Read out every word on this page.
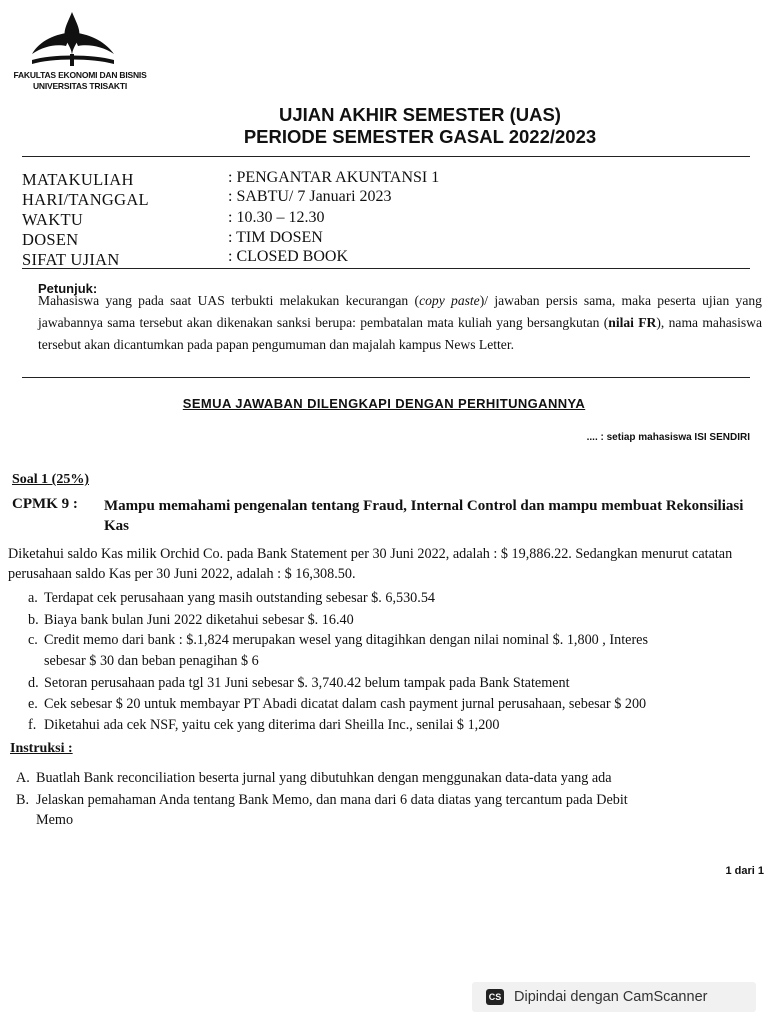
FAKULTAS EKONOMI DAN BISNIS
UNIVERSITAS TRISAKTI
UJIAN AKHIR SEMESTER (UAS)
PERIODE SEMESTER GASAL 2022/2023
MATAKULIAH	: PENGANTAR AKUNTANSI 1
HARI/TANGGAL	: SABTU/ 7 Januari 2023
WAKTU	: 10.30 – 12.30
DOSEN	: TIM DOSEN
SIFAT UJIAN	: CLOSED BOOK
Petunjuk:
Mahasiswa yang pada saat UAS terbukti melakukan kecurangan (copy paste)/ jawaban persis sama, maka peserta ujian yang jawabannya sama tersebut akan dikenakan sanksi berupa: pembatalan mata kuliah yang bersangkutan (nilai FR), nama mahasiswa tersebut akan dicantumkan pada papan pengumuman dan majalah kampus News Letter.
SEMUA JAWABAN DILENGKAPI DENGAN PERHITUNGANNYA
.... : setiap mahasiswa ISI SENDIRI
Soal 1 (25%)
CPMK 9 : Mampu memahami pengenalan tentang Fraud, Internal Control dan mampu membuat Rekonsiliasi Kas
Diketahui saldo Kas milik Orchid Co. pada Bank Statement per 30 Juni 2022, adalah : $ 19,886.22. Sedangkan menurut catatan perusahaan saldo Kas per 30 Juni 2022, adalah : $ 16,308.50.
a. Terdapat cek perusahaan yang masih outstanding sebesar $. 6,530.54
b. Biaya bank bulan Juni 2022 diketahui sebesar $. 16.40
c. Credit memo dari bank : $.1,824 merupakan wesel yang ditagihkan dengan nilai nominal $. 1,800 , Interes
sebesar $ 30 dan beban penagihan $ 6
d. Setoran perusahaan pada tgl 31 Juni sebesar $. 3,740.42 belum tampak pada Bank Statement
e. Cek sebesar $ 20 untuk membayar PT Abadi dicatat dalam cash payment jurnal perusahaan, sebesar $ 200
f. Diketahui ada cek NSF, yaitu cek yang diterima dari Sheilla Inc., senilai $ 1,200
Instruksi :
A. Buatlah Bank reconciliation beserta jurnal yang dibutuhkan dengan menggunakan data-data yang ada
B. Jelaskan pemahaman Anda tentang Bank Memo, dan mana dari 6 data diatas yang tercantum pada Debit
Memo
1 dari 1
CS Dipindai dengan CamScanner
